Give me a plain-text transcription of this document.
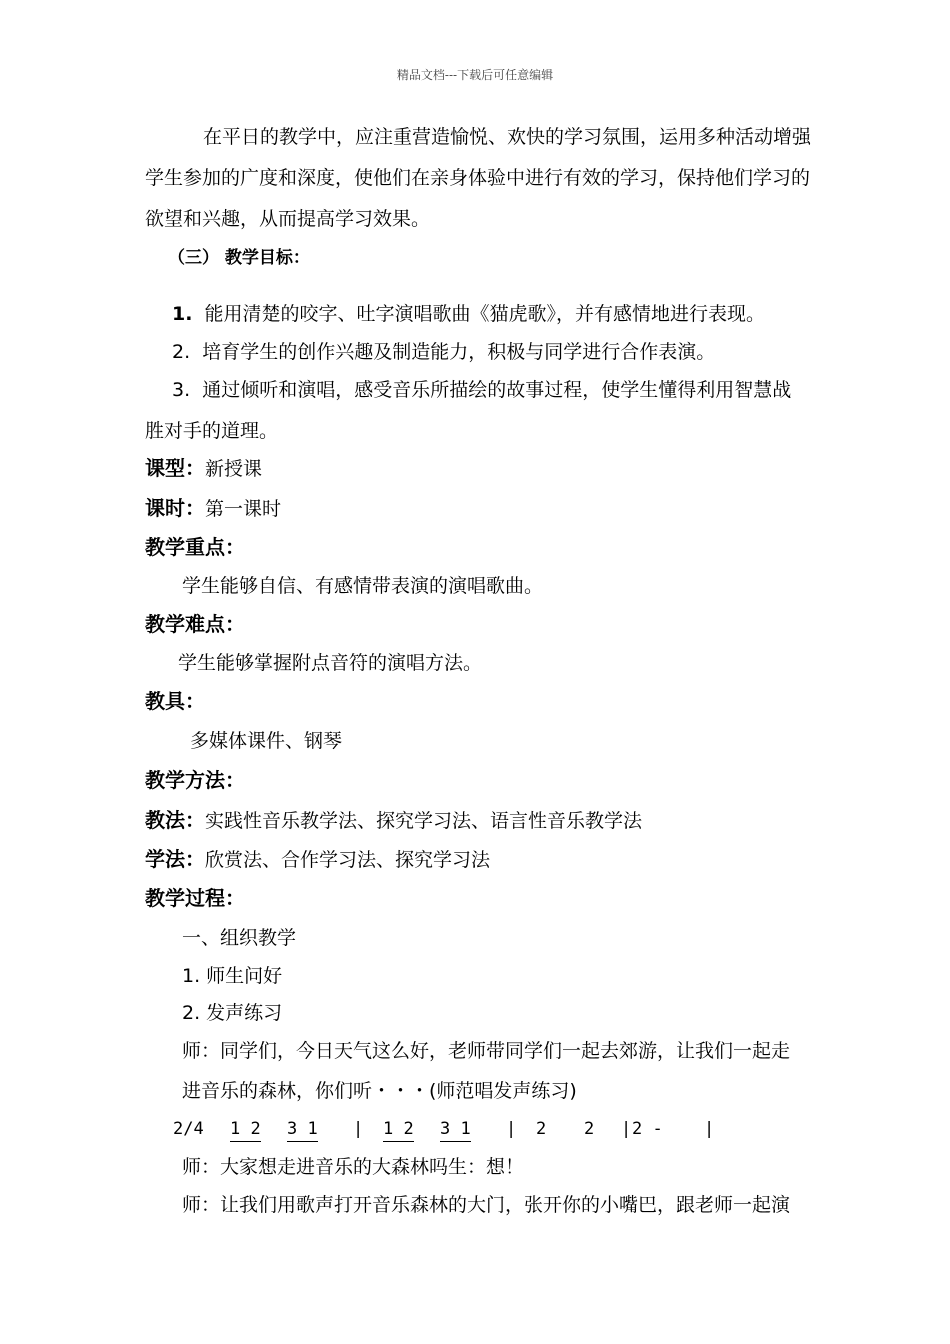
精品文档---下载后可任意编辑
在平日的教学中，应注重营造愉悦、欢快的学习氛围，运用多种活动增强
学生参加的广度和深度，使他们在亲身体验中进行有效的学习，保持他们学习的
欲望和兴趣，从而提高学习效果。
（三） 教学目标：
1. 能用清楚的咬字、吐字演唱歌曲《猫虎歌》，并有感情地进行表现。
2. 培育学生的创作兴趣及制造能力，积极与同学进行合作表演。
3. 通过倾听和演唱，感受音乐所描绘的故事过程，使学生懂得利用智慧战
胜对手的道理。
课型：新授课
课时：第一课时
教学重点：
学生能够自信、有感情带表演的演唱歌曲。
教学难点：
学生能够掌握附点音符的演唱方法。
教具：
多媒体课件、钢琴
教学方法：
教法：实践性音乐教学法、探究学习法、语言性音乐教学法
学法：欣赏法、合作学习法、探究学习法
教学过程：
一、组织教学
1. 师生问好
2. 发声练习
师：同学们，今日天气这么好，老师带同学们一起去郊游，让我们一起走
进音乐的森林，你们听・・・(师范唱发声练习)
2/4 1 2 3 1 | 1 2 3 1 | 2 2 | 2 - |
师：大家想走进音乐的大森林吗生：想！
师：让我们用歌声打开音乐森林的大门，张开你的小嘴巴，跟老师一起演
